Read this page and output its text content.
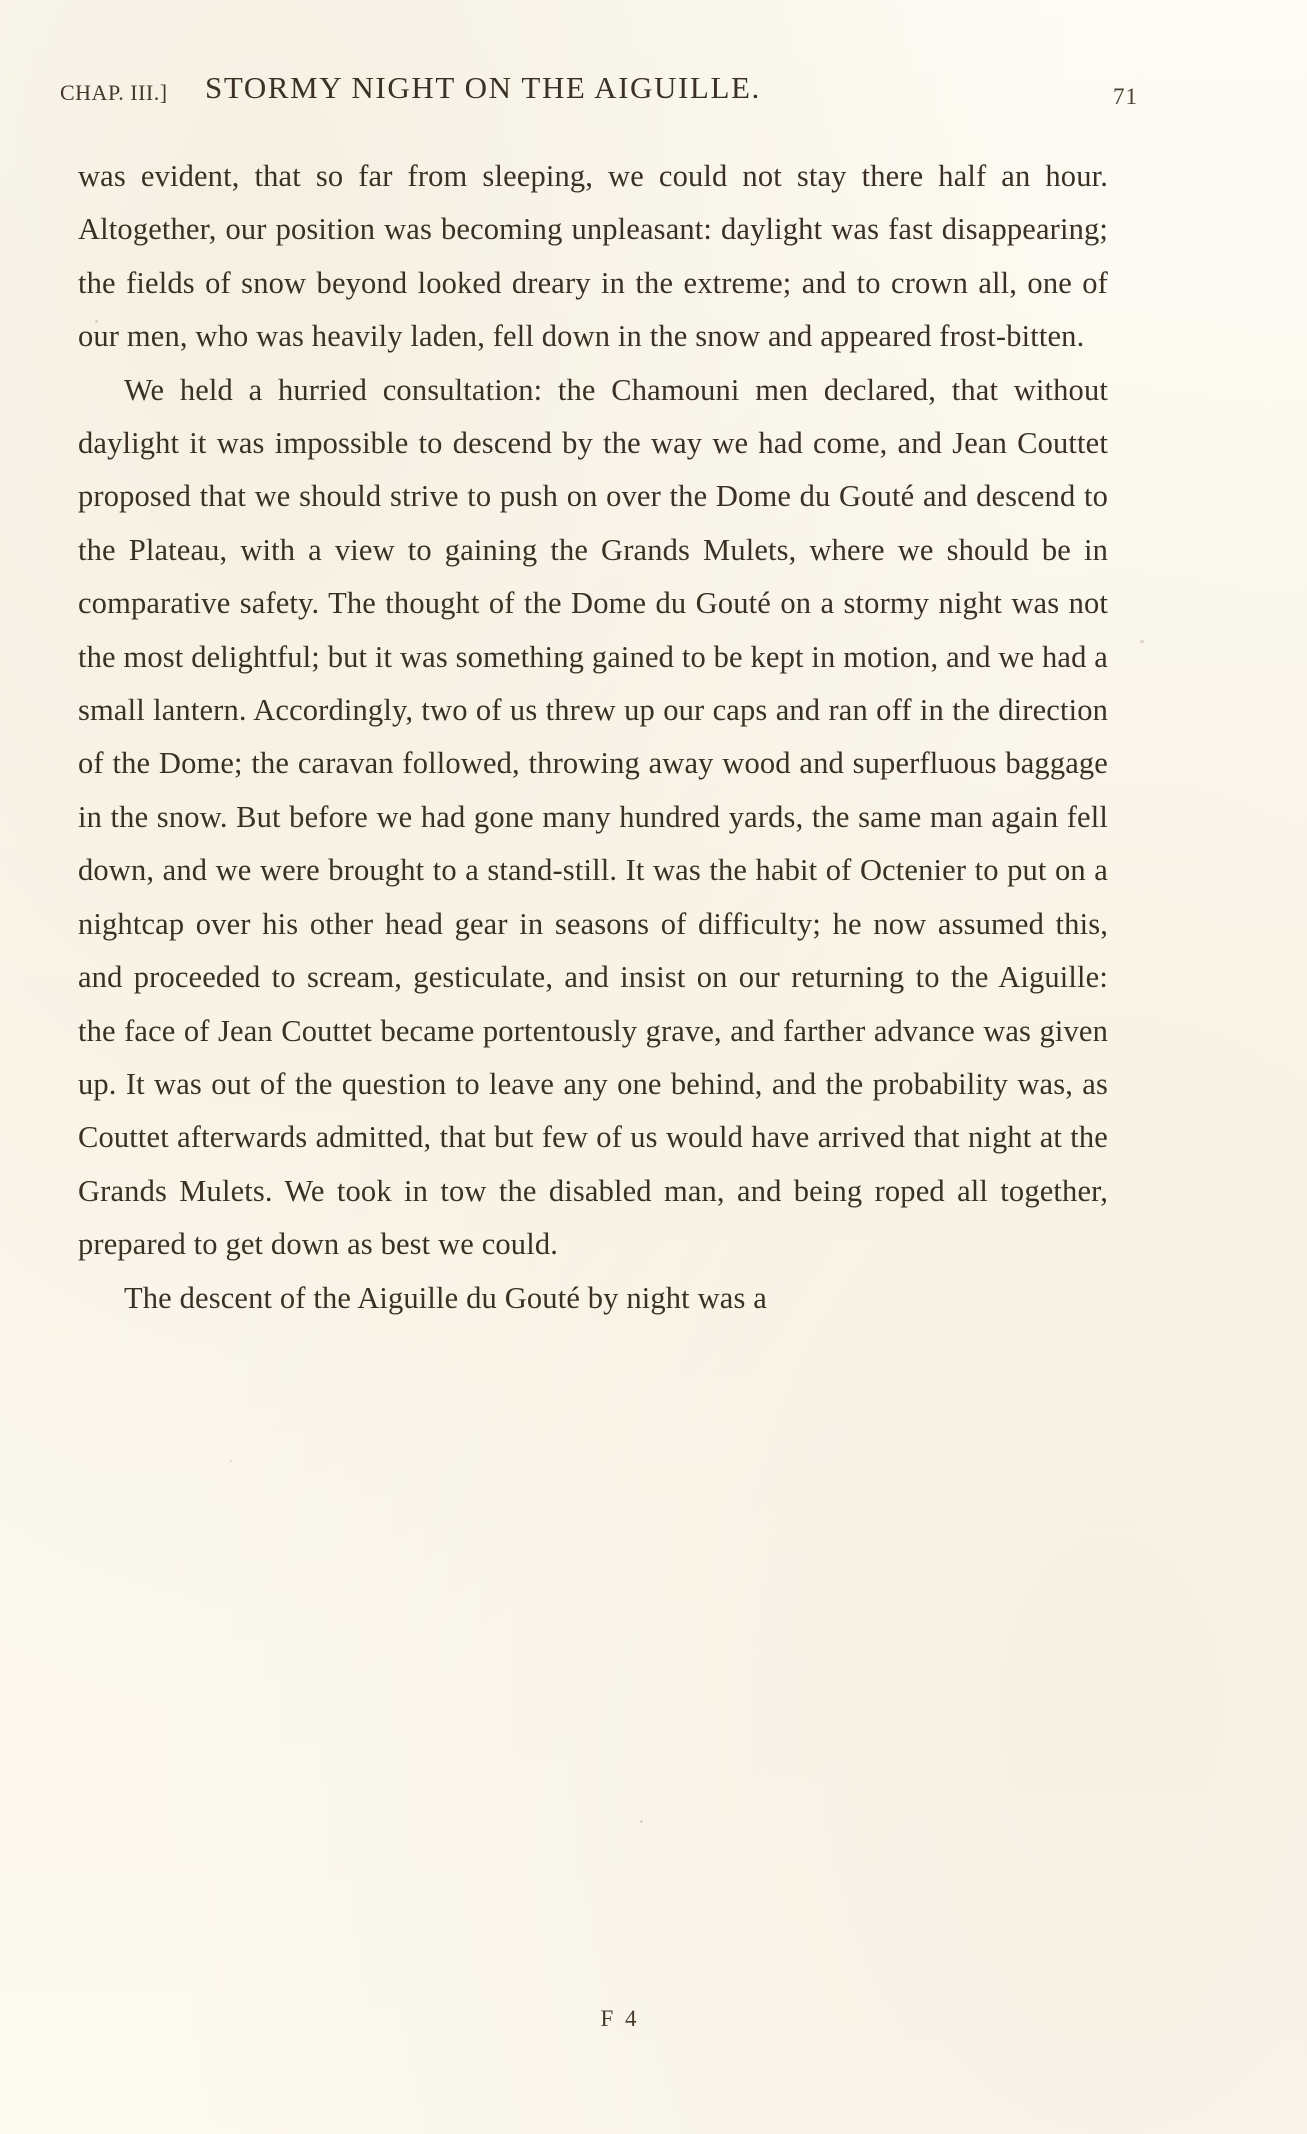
CHAP. III.] STORMY NIGHT ON THE AIGUILLE.	71

was evident, that so far from sleeping, we could not stay there half an hour. Altogether, our position was becoming unpleasant: daylight was fast disappearing; the fields of snow beyond looked dreary in the extreme; and to crown all, one of our men, who was heavily laden, fell down in the snow and appeared frost-bitten.

We held a hurried consultation: the Chamouni men declared, that without daylight it was impossible to descend by the way we had come, and Jean Couttet proposed that we should strive to push on over the Dome du Gouté and descend to the Plateau, with a view to gaining the Grands Mulets, where we should be in comparative safety. The thought of the Dome du Gouté on a stormy night was not the most delightful; but it was something gained to be kept in motion, and we had a small lantern. Accordingly, two of us threw up our caps and ran off in the direction of the Dome; the caravan followed, throwing away wood and superfluous baggage in the snow. But before we had gone many hundred yards, the same man again fell down, and we were brought to a stand-still. It was the habit of Octenier to put on a nightcap over his other head gear in seasons of difficulty; he now assumed this, and proceeded to scream, gesticulate, and insist on our returning to the Aiguille: the face of Jean Couttet became portentously grave, and farther advance was given up. It was out of the question to leave any one behind, and the probability was, as Couttet afterwards admitted, that but few of us would have arrived that night at the Grands Mulets. We took in tow the disabled man, and being roped all together, prepared to get down as best we could.

The descent of the Aiguille du Gouté by night was a

F 4
